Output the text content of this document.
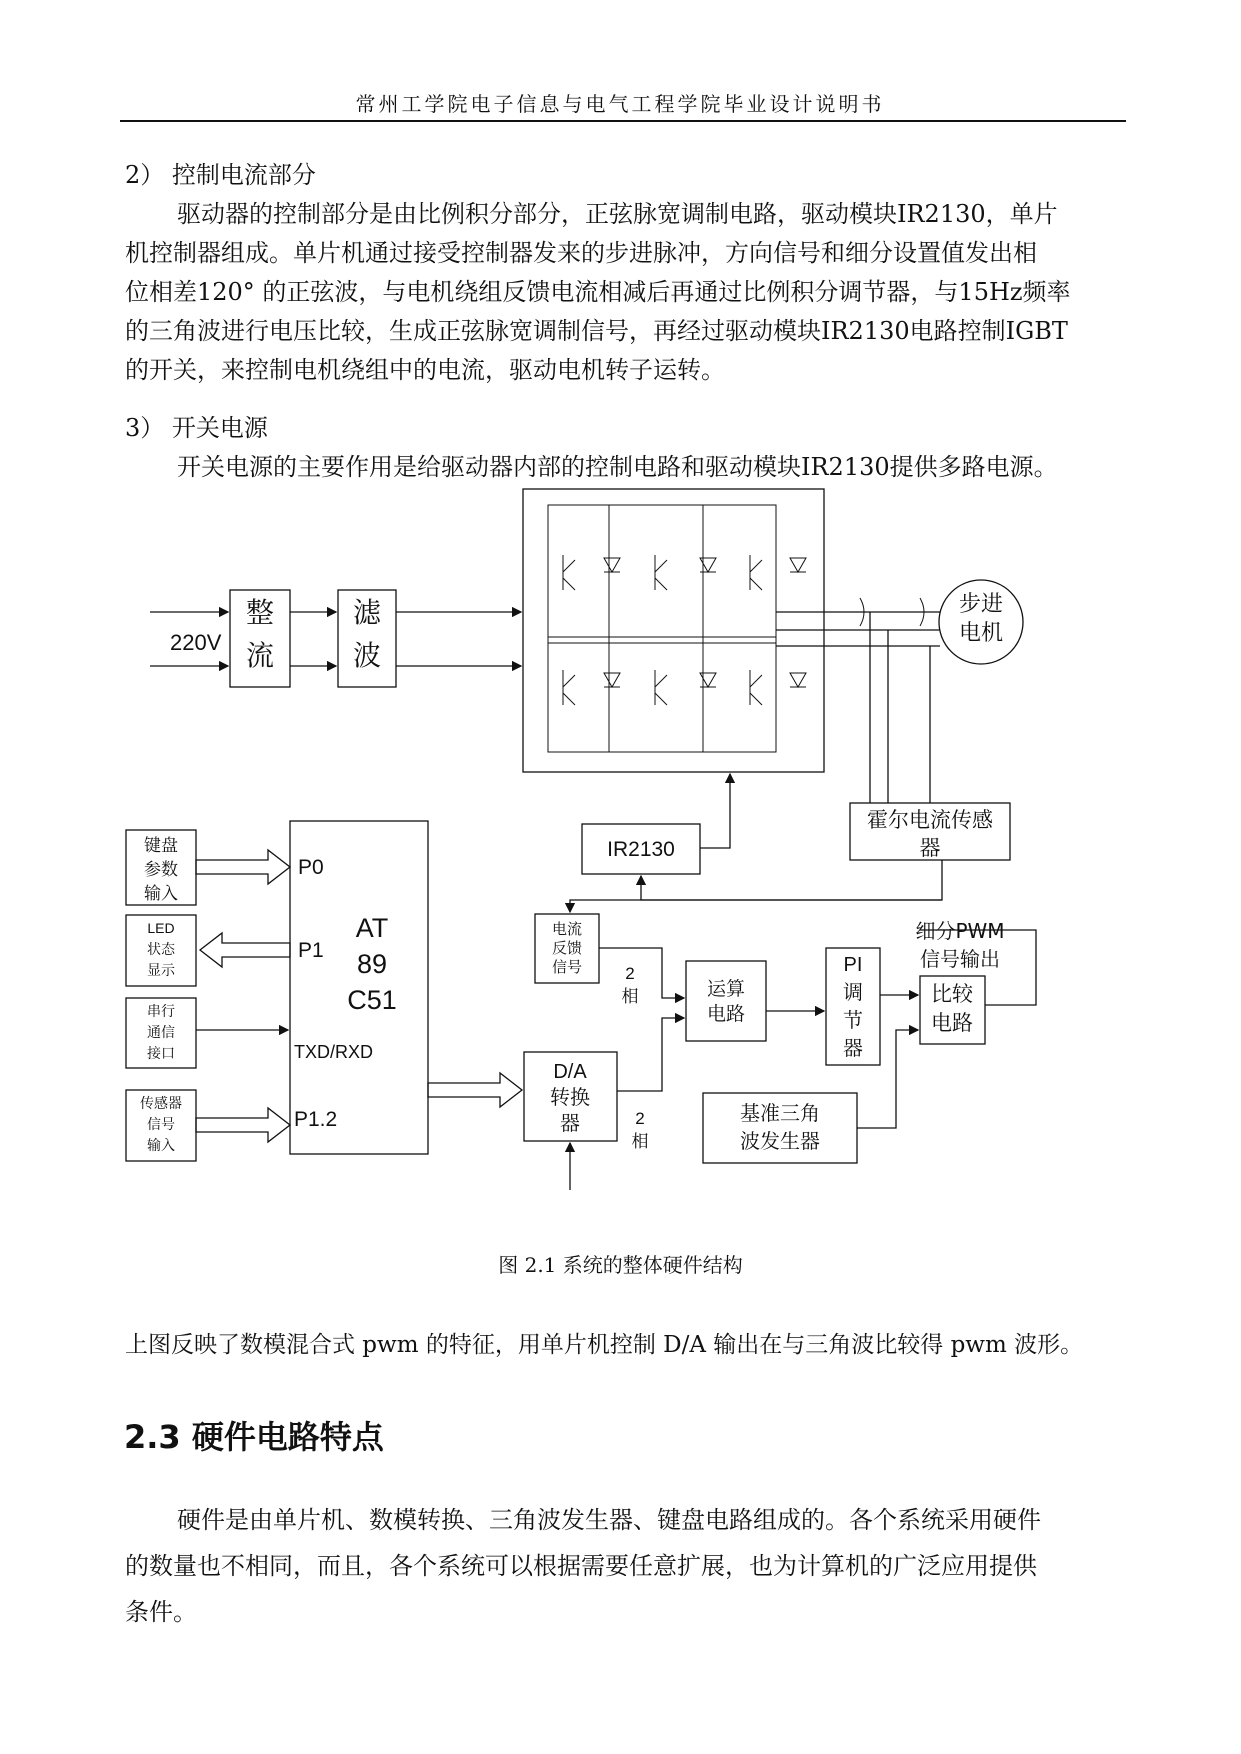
常州工学院电子信息与电气工程学院毕业设计说明书

2） 控制电流部分

驱动器的控制部分是由比例积分部分，正弦脉宽调制电路，驱动模块IR2130，单片

机控制器组成。单片机通过接受控制器发来的步进脉冲，方向信号和细分设置值发出相

位相差120° 的正弦波，与电机绕组反馈电流相减后再通过比例积分调节器，与15Hz频率

的三角波进行电压比较，生成正弦脉宽调制信号，再经过驱动模块IR2130电路控制IGBT

的开关，来控制电机绕组中的电流，驱动电机转子运转。

3） 开关电源

开关电源的主要作用是给驱动器内部的控制电路和驱动模块IR2130提供多路电源。

220V
整
流
滤
波
步进
电机
霍尔电流传感
器
IR2130
键盘
参数
输入
LED
状态
显示
串行
通信
接口
传感器
信号
输入
P0
P1
TXD/RXD
P1.2
AT
89
C51
电流
反馈
信号	2
相
2
相
D/A
转换
器
运算
电路
PI
调
节
器
比较
电路
细分PWM
信号输出
基准三角
波发生器
图 2.1 系统的整体硬件结构

上图反映了数模混合式 pwm 的特征，用单片机控制 D/A 输出在与三角波比较得 pwm 波形。

2.3 硬件电路特点

硬件是由单片机、数模转换、三角波发生器、键盘电路组成的。各个系统采用硬件

的数量也不相同，而且，各个系统可以根据需要任意扩展，也为计算机的广泛应用提供

条件。
